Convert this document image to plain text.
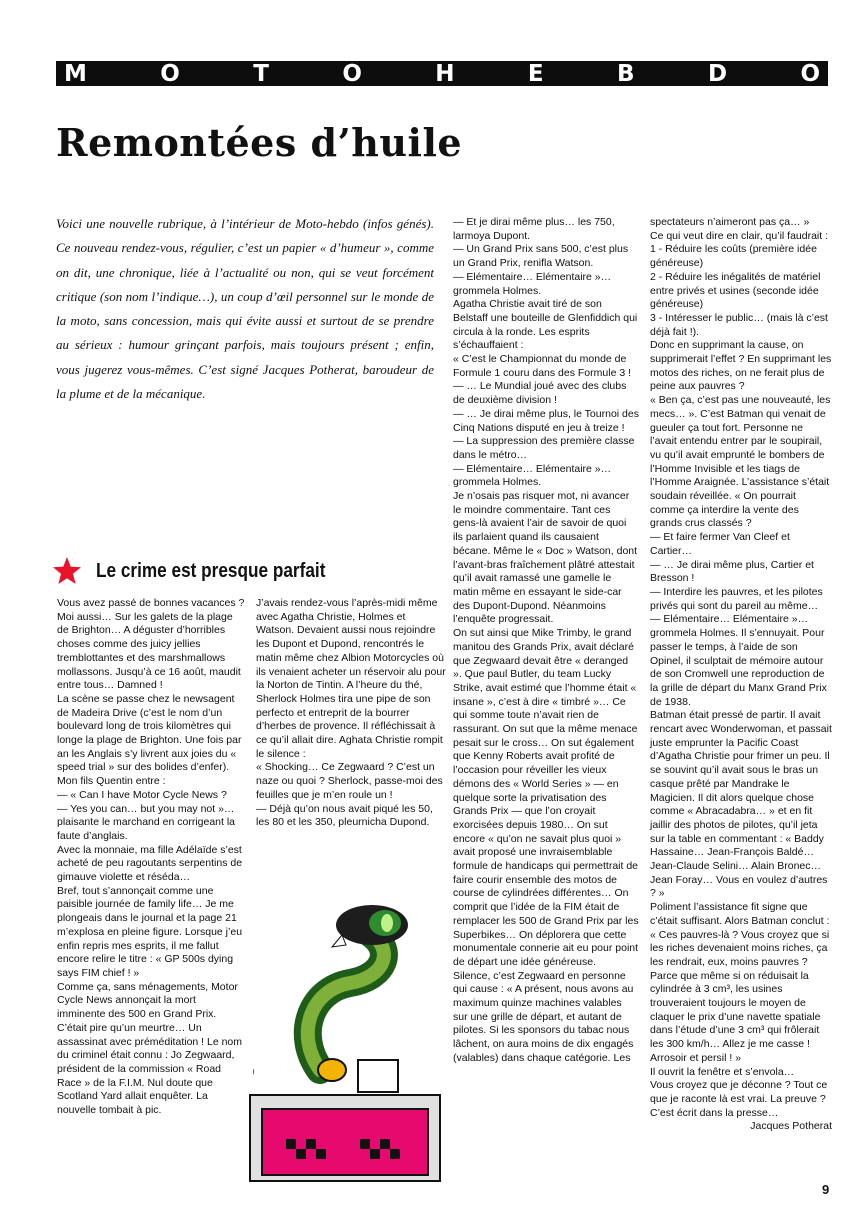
M	O	T	O	H	E	B	D	O
Remontées d’huile

Voici une nouvelle rubrique, à l’intérieur de Moto-hebdo (infos génés). Ce nouveau rendez-vous, régulier, c’est un papier « d’humeur », comme on dit, une chronique, liée à l’actualité ou non, qui se veut forcément critique (son nom l’indique…), un coup d’œil personnel sur le monde de la moto, sans concession, mais qui évite aussi et surtout de se prendre au sérieux : humour grinçant parfois, mais toujours présent ; enfin, vous jugerez vous-mêmes. C’est signé Jacques Potherat, baroudeur de la plume et de la mécanique.

Le crime est presque parfait

Vous avez passé de bonnes vacances ? Moi aussi… Sur les galets de la plage de Brighton… A déguster d’horribles choses comme des juicy jellies tremblottantes et des marshmallows mollassons. Jusqu’à ce 16 août, maudit entre tous… Damned !

La scène se passe chez le newsagent de Madeira Drive (c’est le nom d’un boulevard long de trois kilomètres qui longe la plage de Brighton. Une fois par an les Anglais s’y livrent aux joies du « speed trial » sur des bolides d’enfer). Mon fils Quentin entre :

— « Can I have Motor Cycle News ?

— Yes you can… but you may not »… plaisante le marchand en corrigeant la faute d’anglais.

Avec la monnaie, ma fille Adélaïde s’est acheté de peu ragoutants serpentins de gimauve violette et réséda…

Bref, tout s’annonçait comme une paisible journée de family life… Je me plongeais dans le journal et la page 21 m’explosa en pleine figure. Lorsque j’eu enfin repris mes esprits, il me fallut encore relire le titre : « GP 500s dying says FIM chief ! »

Comme ça, sans ménagements, Motor Cycle News annonçait la mort imminente des 500 en Grand Prix. C’était pire qu’un meurtre… Un assassinat avec préméditation ! Le nom du criminel était connu : Jo Zegwaard, président de la commission « Road Race » de la F.I.M. Nul doute que Scotland Yard allait enquêter. La nouvelle tombait à pic.

J’avais rendez-vous l’après-midi même avec Agatha Christie, Holmes et Watson. Devaient aussi nous rejoindre les Dupont et Dupond, rencontrés le matin même chez Albion Motorcycles où ils venaient acheter un réservoir alu pour la Norton de Tintin. A l’heure du thé, Sherlock Holmes tira une pipe de son perfecto et entreprit de la bourrer d’herbes de provence. Il réfléchissait à ce qu’il allait dire. Aghata Christie rompit le silence :

« Shocking… Ce Zegwaard ? C’est un naze ou quoi ? Sherlock, passe-moi des feuilles que je m’en roule un !

— Déjà qu’on nous avait piqué les 50, les 80 et les 350, pleurnicha Dupond.

~

— Et je dirai même plus… les 750, larmoya Dupont.

— Un Grand Prix sans 500, c’est plus un Grand Prix, renifla Watson.

— Elémentaire… Elémentaire »… grommela Holmes.

Agatha Christie avait tiré de son Belstaff une bouteille de Glenfiddich qui circula à la ronde. Les esprits s’échauffaient :

« C’est le Championnat du monde de Formule 1 couru dans des Formule 3 !

— … Le Mundial joué avec des clubs de deuxième division !

— … Je dirai même plus, le Tournoi des Cinq Nations disputé en jeu à treize !

— La suppression des première classe dans le métro…

— Elémentaire… Elémentaire »… grommela Holmes.

Je n’osais pas risquer mot, ni avancer le moindre commentaire. Tant ces gens-là avaient l’air de savoir de quoi ils parlaient quand ils causaient bécane. Même le « Doc » Watson, dont l’avant-bras fraîchement plâtré attestait qu’il avait ramassé une gamelle le matin même en essayant le side-car des Dupont-Dupond. Néanmoins l’enquête progressait.

On sut ainsi que Mike Trimby, le grand manitou des Grands Prix, avait déclaré que Zegwaard devait être « deranged ». Que paul Butler, du team Lucky Strike, avait estimé que l’homme était « insane », c’est à dire « timbré »… Ce qui somme toute n’avait rien de rassurant. On sut que la même menace pesait sur le cross… On sut également que Kenny Roberts avait profité de l’occasion pour réveiller les vieux démons des « World Series » — en quelque sorte la privatisation des Grands Prix — que l’on croyait exorcisées depuis 1980… On sut encore « qu’on ne savait plus quoi » avait proposé une invraisemblable formule de handicaps qui permettrait de faire courir ensemble des motos de course de cylindrées différentes… On comprit que l’idée de la FIM était de remplacer les 500 de Grand Prix par les Superbikes… On déplorera que cette monumentale connerie ait eu pour point de départ une idée généreuse.

Silence, c’est Zegwaard en personne qui cause : « A présent, nous avons au maximum quinze machines valables sur une grille de départ, et autant de pilotes. Si les sponsors du tabac nous lâchent, on aura moins de dix engagés (valables) dans chaque catégorie. Les

spectateurs n’aimeront pas ça… »

Ce qui veut dire en clair, qu’il faudrait :

1 - Réduire les coûts (première idée généreuse)

2 - Réduire les inégalités de matériel entre privés et usines (seconde idée généreuse)

3 - Intéresser le public… (mais là c’est déjà fait !).

Donc en supprimant la cause, on supprimerait l’effet ? En supprimant les motos des riches, on ne ferait plus de peine aux pauvres ?

« Ben ça, c’est pas une nouveauté, les mecs… ». C’est Batman qui venait de gueuler ça tout fort. Personne ne l’avait entendu entrer par le soupirail, vu qu’il avait emprunté le bombers de l’Homme Invisible et les tiags de l’Homme Araignée. L’assistance s’était soudain réveillée. « On pourrait comme ça interdire la vente des grands crus classés ?

— Et faire fermer Van Cleef et Cartier…

— … Je dirai même plus, Cartier et Bresson !

— Interdire les pauvres, et les pilotes privés qui sont du pareil au même…

— Elémentaire… Elémentaire »… grommela Holmes. Il s’ennuyait. Pour passer le temps, à l’aide de son Opinel, il sculptait de mémoire autour de son Cromwell une reproduction de la grille de départ du Manx Grand Prix de 1938.

Batman était pressé de partir. Il avait rencart avec Wonderwoman, et passait juste emprunter la Pacific Coast d’Agatha Christie pour frimer un peu. Il se souvint qu’il avait sous le bras un casque prêté par Mandrake le Magicien. Il dit alors quelque chose comme « Abracadabra… » et en fit jaillir des photos de pilotes, qu’il jeta sur la table en commentant : « Baddy Hassaine… Jean-François Baldé… Jean-Claude Selini… Alain Bronec… Jean Foray… Vous en voulez d’autres ? »

Poliment l’assistance fit signe que c’était suffisant. Alors Batman conclut : « Ces pauvres-là ? Vous croyez que si les riches devenaient moins riches, ça les rendrait, eux, moins pauvres ? Parce que même si on réduisait la cylindrée à 3 cm³, les usines trouveraient toujours le moyen de claquer le prix d’une navette spatiale dans l’étude d’une 3 cm³ qui frôlerait les 300 km/h… Allez je me casse ! Arrosoir et persil ! »

Il ouvrit la fenêtre et s’envola…

Vous croyez que je déconne ? Tout ce que je raconte là est vrai. La preuve ? C’est écrit dans la presse…

Jacques Potherat

9
